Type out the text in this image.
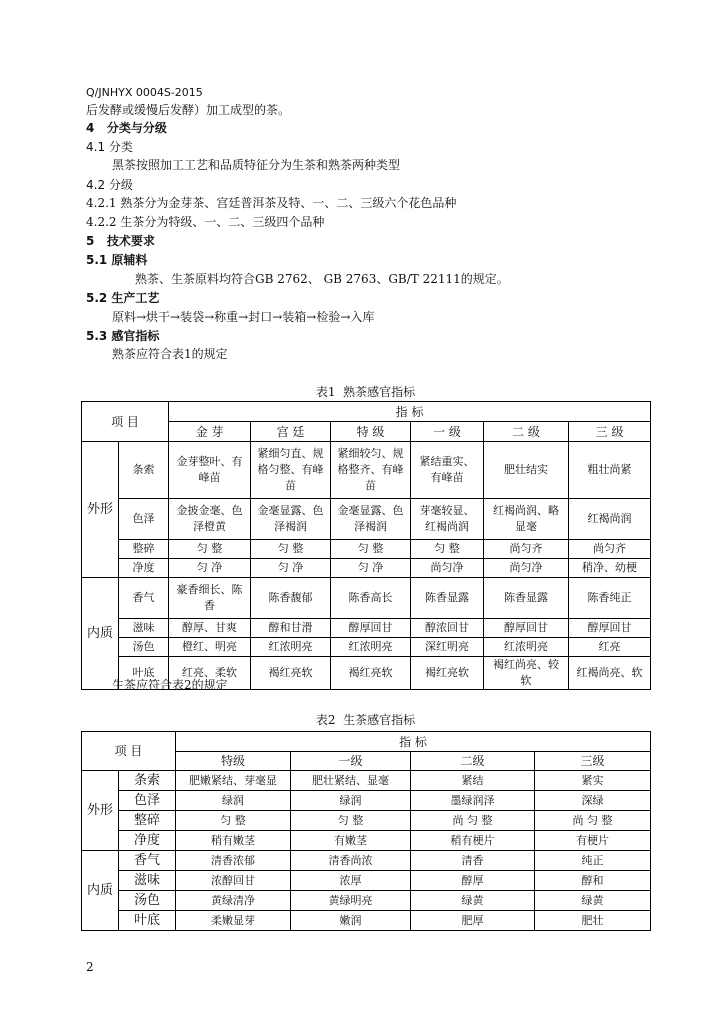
Q/JNHYX 0004S-2015
后发酵或缓慢后发酵）加工成型的茶。
4   分类与分级
4.1 分类
黑茶按照加工工艺和品质特征分为生茶和熟茶两种类型
4.2 分级
4.2.1 熟茶分为金芽茶、宫廷普洱茶及特、一、二、三级六个花色品种
4.2.2 生茶分为特级、一、二、三级四个品种
5   技术要求
5.1 原辅料
熟茶、生茶原料均符合GB 2762、 GB 2763、GB/T 22111的规定。
5.2 生产工艺
原料→烘干→装袋→称重→封口→装箱→检验→入库
5.3 感官指标
熟茶应符合表1的规定
表1  熟茶感官指标
项 目		指 标					
		金 芽	宫 廷	特 级	一 级	二 级	三 级
外形	条索	金芽整叶、有峰苗	紧细匀直、规格匀整、有峰苗	紧细较匀、规格整齐、有峰苗	紧结重实、有峰苗	肥壮结实	粗壮尚紧
	色泽	金披金毫、色泽橙黄	金毫显露、色泽褐润	金毫显露、色泽褐润	芽毫较显、红褐尚润	红褐尚润、略显毫	红褐尚润
	整碎	匀 整	匀 整	匀 整	匀 整	尚匀齐	尚匀齐
	净度	匀 净	匀 净	匀 净	尚匀净	尚匀净	稍净、幼梗
内质	香气	豪香细长、陈香	陈香馥郁	陈香高长	陈香显露	陈香显露	陈香纯正
	滋味	醇厚、甘爽	醇和甘滑	醇厚回甘	醇浓回甘	醇厚回甘	醇厚回甘
	汤色	橙红、明亮	红浓明亮	红浓明亮	深红明亮	红浓明亮	红亮
	叶底	红亮、柔软	褐红亮软	褐红亮软	褐红亮软	褐红尚亮、较软	红褐尚亮、软
生茶应符合表2的规定
表2  生茶感官指标
项 目		指 标			
		特级	一级	二级	三级
外形	条索	肥嫩紧结、芽毫显	肥壮紧结、显毫	紧结	紧实
	色泽	绿润	绿润	墨绿润泽	深绿
	整碎	匀 整	匀 整	尚 匀 整	尚 匀 整
	净度	稍有嫩茎	有嫩茎	稍有梗片	有梗片
内质	香气	清香浓郁	清香尚浓	清香	纯正
	滋味	浓醇回甘	浓厚	醇厚	醇和
	汤色	黄绿清净	黄绿明亮	绿黄	绿黄
	叶底	柔嫩显芽	嫩润	肥厚	肥壮
2
